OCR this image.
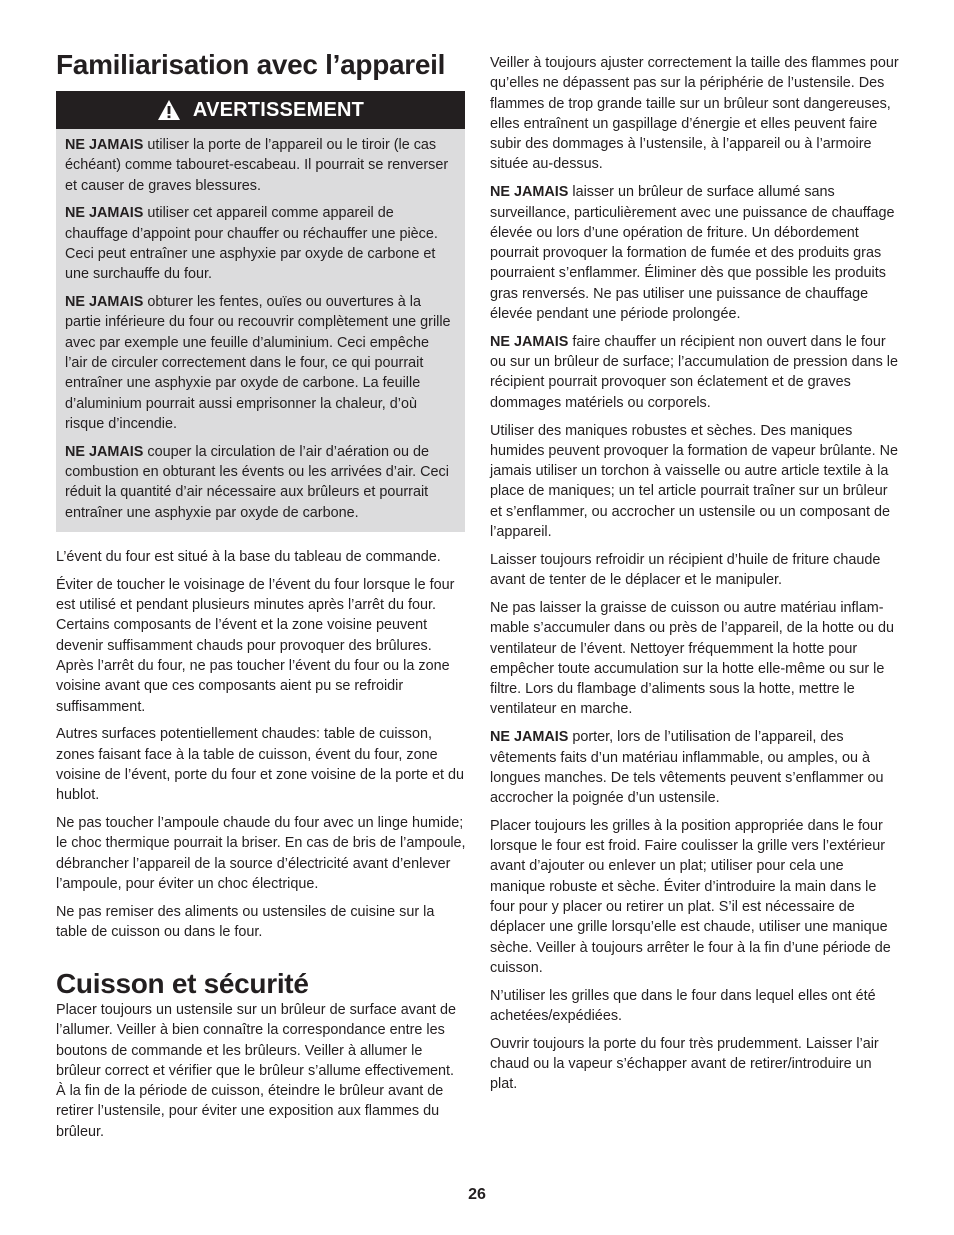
Familiarisation avec l’appareil
AVERTISSEMENT

NE JAMAIS utiliser la porte de l’appareil ou le tiroir (le cas échéant) comme tabouret-escabeau. Il pourrait se renverser et causer de graves blessures.

NE JAMAIS utiliser cet appareil comme appareil de chauffage d’appoint pour chauffer ou réchauffer une pièce. Ceci peut entraîner une asphyxie par oxyde de carbone et une surchauffe du four.

NE JAMAIS obturer les fentes, ouïes ou ouvertures à la partie inférieure du four ou recouvrir complètement une grille avec par exemple une feuille d’aluminium. Ceci empêche l’air de circuler correctement dans le four, ce qui pourrait entraîner une asphyxie par oxyde de carbone. La feuille d’aluminium pourrait aussi emprisonner la chaleur, d’où risque d’incendie.

NE JAMAIS couper la circulation de l’air d’aération ou de combustion en obturant les évents ou les arrivées d’air. Ceci réduit la quantité d’air nécessaire aux brûleurs et pourrait entraîner une asphyxie par oxyde de carbone.

L’évent du four est situé à la base du tableau de commande.

Éviter de toucher le voisinage de l’évent du four lorsque le four est utilisé et pendant plusieurs minutes après l’arrêt du four. Certains composants de l’évent et la zone voisine peuvent devenir suffisamment chauds pour provoquer des brûlures. Après l’arrêt du four, ne pas toucher l’évent du four ou la zone voisine avant que ces composants aient pu se refroidir suffisamment.

Autres surfaces potentiellement chaudes: table de cuisson, zones faisant face à la table de cuisson, évent du four, zone voisine de l’évent, porte du four et zone voisine de la porte et du hublot.

Ne pas toucher l’ampoule chaude du four avec un linge humide; le choc thermique pourrait la briser. En cas de bris de l’ampoule, débrancher l’appareil de la source d’électricité avant d’enlever l’ampoule, pour éviter un choc électrique.

Ne pas remiser des aliments ou ustensiles de cuisine sur la table de cuisson ou dans le four.

Cuisson et sécurité

Placer toujours un ustensile sur un brûleur de surface avant de l’allumer. Veiller à bien connaître la correspondance entre les boutons de commande et les brûleurs. Veiller à allumer le brûleur correct et vérifier que le brûleur s’allume effectivement. À la fin de la période de cuisson, éteindre le brûleur avant de retirer l’ustensile, pour éviter une exposition aux flammes du brûleur.

Veiller à toujours ajuster correctement la taille des flammes pour qu’elles ne dépassent pas sur la périphérie de l’ustensile. Des flammes de trop grande taille sur un brûleur sont dangereuses, elles entraînent un gaspillage d’énergie et elles peuvent faire subir des dommages à l’ustensile, à l’appareil ou à l’armoire située au-dessus.

NE JAMAIS laisser un brûleur de surface allumé sans surveillance, particulièrement avec une puissance de chauffage élevée ou lors d’une opération de friture. Un débordement pourrait provoquer la formation de fumée et des produits gras pourraient s’enflammer. Éliminer dès que possible les produits gras renversés. Ne pas utiliser une puissance de chauffage élevée pendant une période prolongée.

NE JAMAIS faire chauffer un récipient non ouvert dans le four ou sur un brûleur de surface; l’accumulation de pression dans le récipient pourrait provoquer son éclatement et de graves dommages matériels ou corporels.

Utiliser des maniques robustes et sèches. Des maniques humides peuvent provoquer la formation de vapeur brûlante. Ne jamais utiliser un torchon à vaisselle ou autre article textile à la place de maniques; un tel article pourrait traîner sur un brûleur et s’enflammer, ou accrocher un ustensile ou un composant de l’appareil.

Laisser toujours refroidir un récipient d’huile de friture chaude avant de tenter de le déplacer et le manipuler.

Ne pas laisser la graisse de cuisson ou autre matériau inflam-mable s’accumuler dans ou près de l’appareil, de la hotte ou du ventilateur de l’évent. Nettoyer fréquemment la hotte pour empêcher toute accumulation sur la hotte elle-même ou sur le filtre. Lors du flambage d’aliments sous la hotte, mettre le ventilateur en marche.

NE JAMAIS porter, lors de l’utilisation de l’appareil, des vêtements faits d’un matériau inflammable, ou amples, ou à longues manches. De tels vêtements peuvent s’enflammer ou accrocher la poignée d’un ustensile.

Placer toujours les grilles à la position appropriée dans le four lorsque le four est froid. Faire coulisser la grille vers l’extérieur avant d’ajouter ou enlever un plat; utiliser pour cela une manique robuste et sèche. Éviter d’introduire la main dans le four pour y placer ou retirer un plat. S’il est nécessaire de déplacer une grille lorsqu’elle est chaude, utiliser une manique sèche. Veiller à toujours arrêter le four à la fin d’une période de cuisson.

N’utiliser les grilles que dans le four dans lequel elles ont été achetées/expédiées.

Ouvrir toujours la porte du four très prudemment. Laisser l’air chaud ou la vapeur s’échapper avant de retirer/introduire un plat.

26
